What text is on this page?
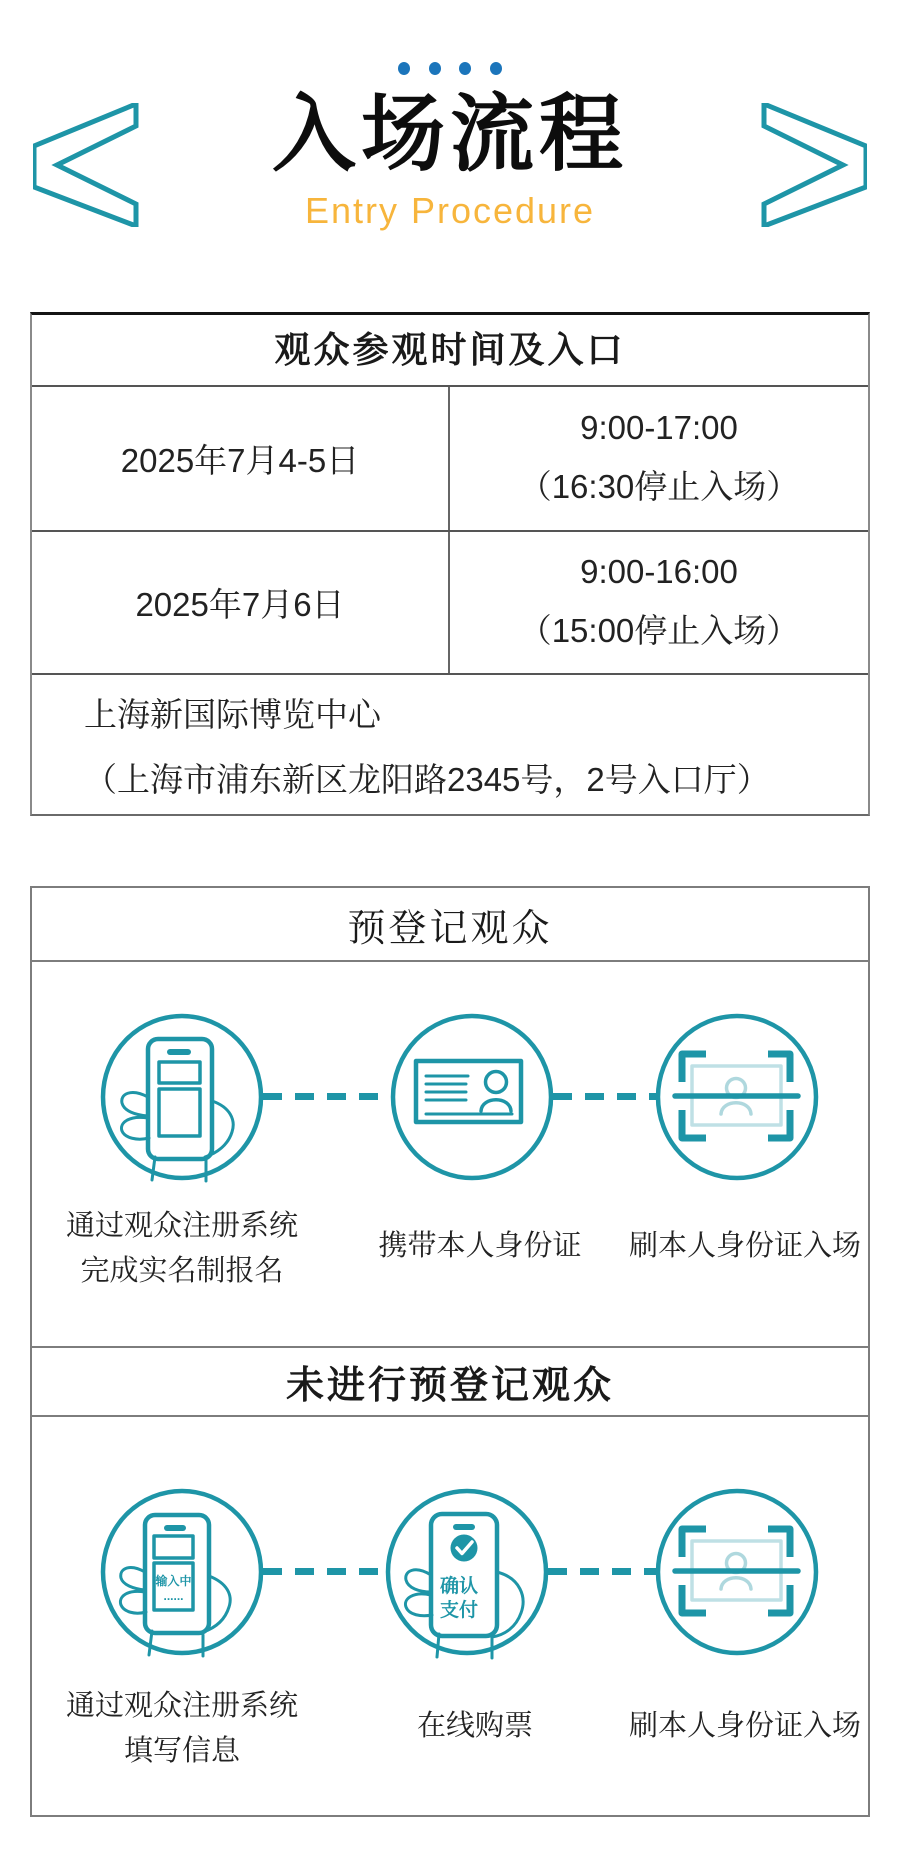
入场流程
Entry Procedure
观众参观时间及入口
2025年7月4-5日
9:00-17:00
（16:30停止入场）
2025年7月6日
9:00-16:00
（15:00停止入场）
上海新国际博览中心
（上海市浦东新区龙阳路2345号，2号入口厅）
预登记观众
通过观众注册系统
完成实名制报名
携带本人身份证	刷本人身份证入场
未进行预登记观众
输入中
......	确认
支付
通过观众注册系统
填写信息
在线购票	刷本人身份证入场
